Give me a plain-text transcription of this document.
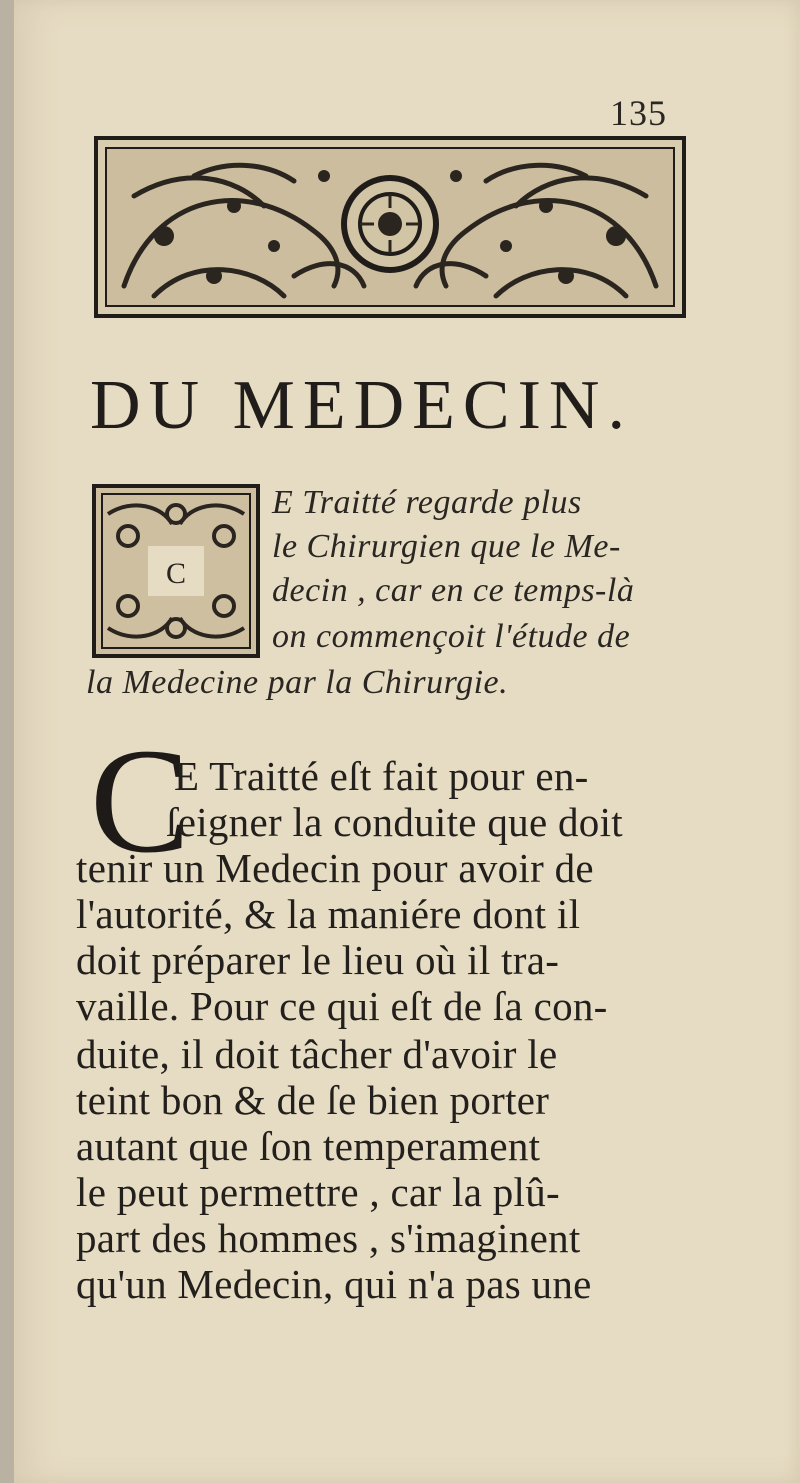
135
DU MEDECIN.
C
E Traitté regarde plus
le Chirurgien que le Me-
decin , car en ce temps-là
on commençoit l'étude de
la Medecine par la Chirurgie.
C
E Traitté eſt fait pour en-
ſeigner la conduite que doit
tenir un Medecin pour avoir de
l'autorité, & la maniére dont il
doit préparer le lieu où il tra-
vaille. Pour ce qui eſt de ſa con-
duite, il doit tâcher d'avoir le
teint bon & de ſe bien porter
autant que ſon temperament
le peut permettre , car la plû-
part des hommes , s'imaginent
qu'un Medecin, qui n'a pas une
